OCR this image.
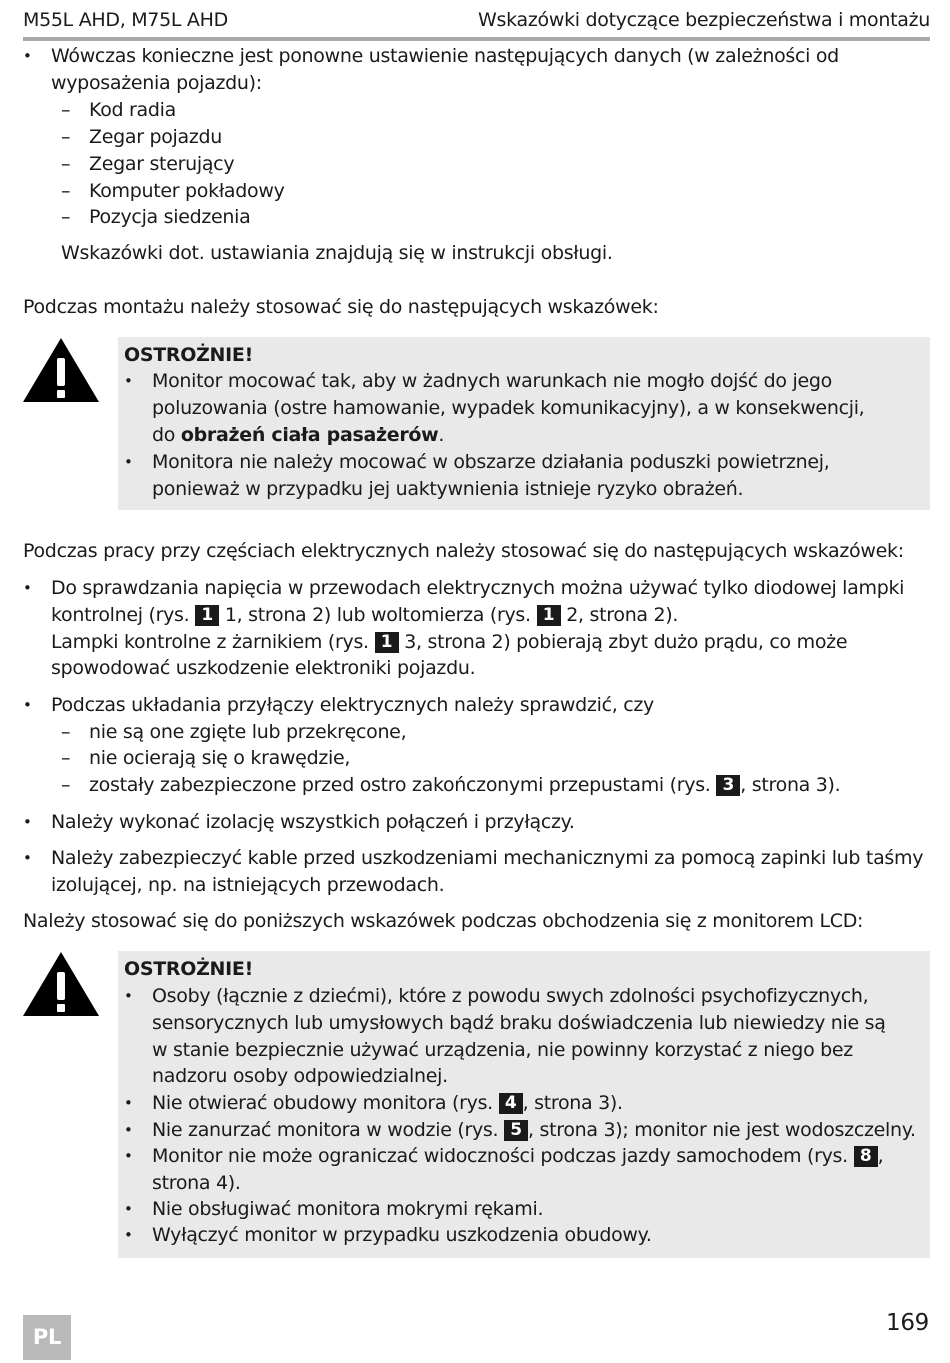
M55L AHD, M75L AHD	Wskazówki dotyczące bezpieczeństwa i montażu
• Wówczas konieczne jest ponowne ustawienie następujących danych (w zależności od
wyposażenia pojazdu):
– Kod radia
– Zegar pojazdu
– Zegar sterujący
– Komputer pokładowy
– Pozycja siedzenia
Wskazówki dot. ustawiania znajdują się w instrukcji obsługi.
Podczas montażu należy stosować się do następujących wskazówek:
OSTROŻNIE!
• Monitor mocować tak, aby w żadnych warunkach nie mogło dojść do jego
poluzowania (ostre hamowanie, wypadek komunikacyjny), a w konsekwencji,
do obrażeń ciała pasażerów.
• Monitora nie należy mocować w obszarze działania poduszki powietrznej,
ponieważ w przypadku jej uaktywnienia istnieje ryzyko obrażeń.
Podczas pracy przy częściach elektrycznych należy stosować się do następujących wskazówek:
• Do sprawdzania napięcia w przewodach elektrycznych można używać tylko diodowej lampki
kontrolnej (rys. 1 1, strona 2) lub woltomierza (rys. 1 2, strona 2).
Lampki kontrolne z żarnikiem (rys. 1 3, strona 2) pobierają zbyt dużo prądu, co może
spowodować uszkodzenie elektroniki pojazdu.
• Podczas układania przyłączy elektrycznych należy sprawdzić, czy
– nie są one zgięte lub przekręcone,
– nie ocierają się o krawędzie,
– zostały zabezpieczone przed ostro zakończonymi przepustami (rys. 3 , strona 3).
• Należy wykonać izolację wszystkich połączeń i przyłączy.
• Należy zabezpieczyć kable przed uszkodzeniami mechanicznymi za pomocą zapinki lub taśmy
izolującej, np. na istniejących przewodach.
Należy stosować się do poniższych wskazówek podczas obchodzenia się z monitorem LCD:
OSTROŻNIE!
• Osoby (łącznie z dziećmi), które z powodu swych zdolności psychofizycznych,
sensorycznych lub umysłowych bądź braku doświadczenia lub niewiedzy nie są
w stanie bezpiecznie używać urządzenia, nie powinny korzystać z niego bez
nadzoru osoby odpowiedzialnej.
• Nie otwierać obudowy monitora (rys. 4 , strona 3).
• Nie zanurzać monitora w wodzie (rys. 5 , strona 3); monitor nie jest wodoszczelny.
• Monitor nie może ograniczać widoczności podczas jazdy samochodem (rys. 8 ,
strona 4).
• Nie obsługiwać monitora mokrymi rękami.
• Wyłączyć monitor w przypadku uszkodzenia obudowy.
PL
169
